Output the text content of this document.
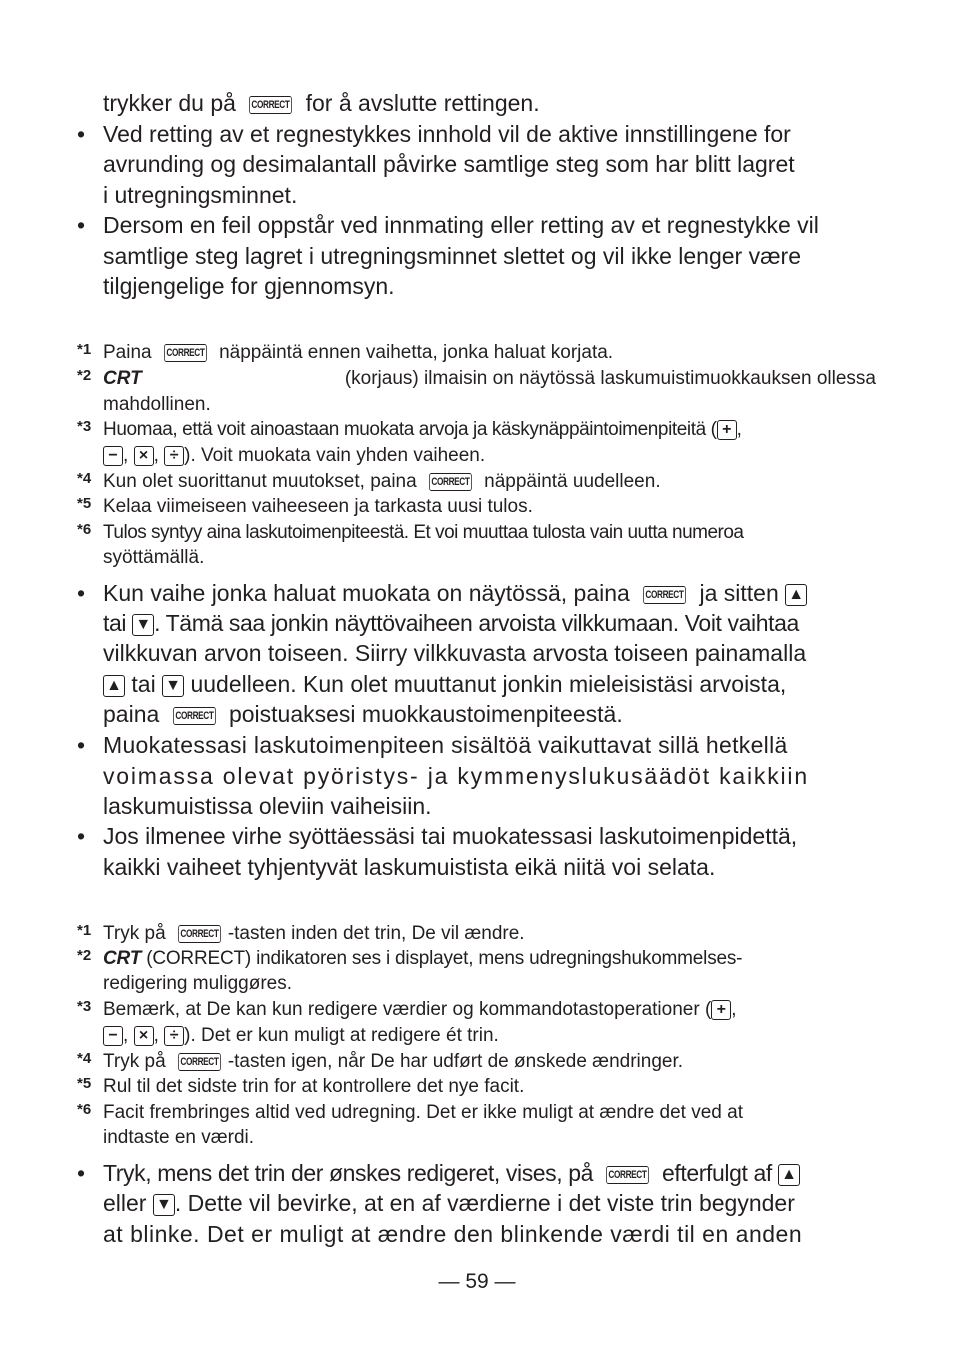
trykker du på CORRECT for å avslutte rettingen.
• Ved retting av et regnestykkes innhold vil de aktive innstillingene for
avrunding og desimalantall påvirke samtlige steg som har blitt lagret
i utregningsminnet.
• Dersom en feil oppstår ved innmating eller retting av et regnestykke vil
samtlige steg lagret i utregningsminnet slettet og vil ikke lenger være
tilgjengelige for gjennomsyn.
*1 Paina CORRECT näppäintä ennen vaihetta, jonka haluat korjata.
*2 CRT	(korjaus) ilmaisin on näytössä laskumuistimuokkauksen ollessa
mahdollinen.
*3 Huomaa, että voit ainoastaan muokata arvoja ja käskynäppäintoimenpiteitä ( + ,
− , × , ÷ ). Voit muokata vain yhden vaiheen.
*4 Kun olet suorittanut muutokset, paina CORRECT näppäintä uudelleen.
*5 Kelaa viimeiseen vaiheeseen ja tarkasta uusi tulos.
*6 Tulos syntyy aina laskutoimenpiteestä. Et voi muuttaa tulosta vain uutta numeroa
syöttämällä.
• Kun vaihe jonka haluat muokata on näytössä, paina CORRECT ja sitten ▲
tai ▼ . Tämä saa jonkin näyttövaiheen arvoista vilkkumaan. Voit vaihtaa
vilkkuvan arvon toiseen. Siirry vilkkuvasta arvosta toiseen painamalla
▲ tai ▼ uudelleen. Kun olet muuttanut jonkin mieleisistäsi arvoista,
paina CORRECT poistuaksesi muokkaustoimenpiteestä.
• Muokatessasi laskutoimenpiteen sisältöä vaikuttavat sillä hetkellä
voimassa olevat pyöristys- ja kymmenyslukusäädöt kaikkiin
laskumuistissa oleviin vaiheisiin.
• Jos ilmenee virhe syöttäessäsi tai muokatessasi laskutoimenpidettä,
kaikki vaiheet tyhjentyvät laskumuistista eikä niitä voi selata.
*1 Tryk på CORRECT -tasten inden det trin, De vil ændre.
*2 CRT (CORRECT) indikatoren ses i displayet, mens udregningshukommelses-
redigering muliggøres.
*3 Bemærk, at De kan kun redigere værdier og kommandotastoperationer ( + ,
− , × , ÷ ). Det er kun muligt at redigere ét trin.
*4 Tryk på CORRECT -tasten igen, når De har udført de ønskede ændringer.
*5 Rul til det sidste trin for at kontrollere det nye facit.
*6 Facit frembringes altid ved udregning. Det er ikke muligt at ændre det ved at
indtaste en værdi.
• Tryk, mens det trin der ønskes redigeret, vises, på CORRECT efterfulgt af ▲
eller ▼ . Dette vil bevirke, at en af værdierne i det viste trin begynder
at blinke. Det er muligt at ændre den blinkende værdi til en anden
— 59 —
